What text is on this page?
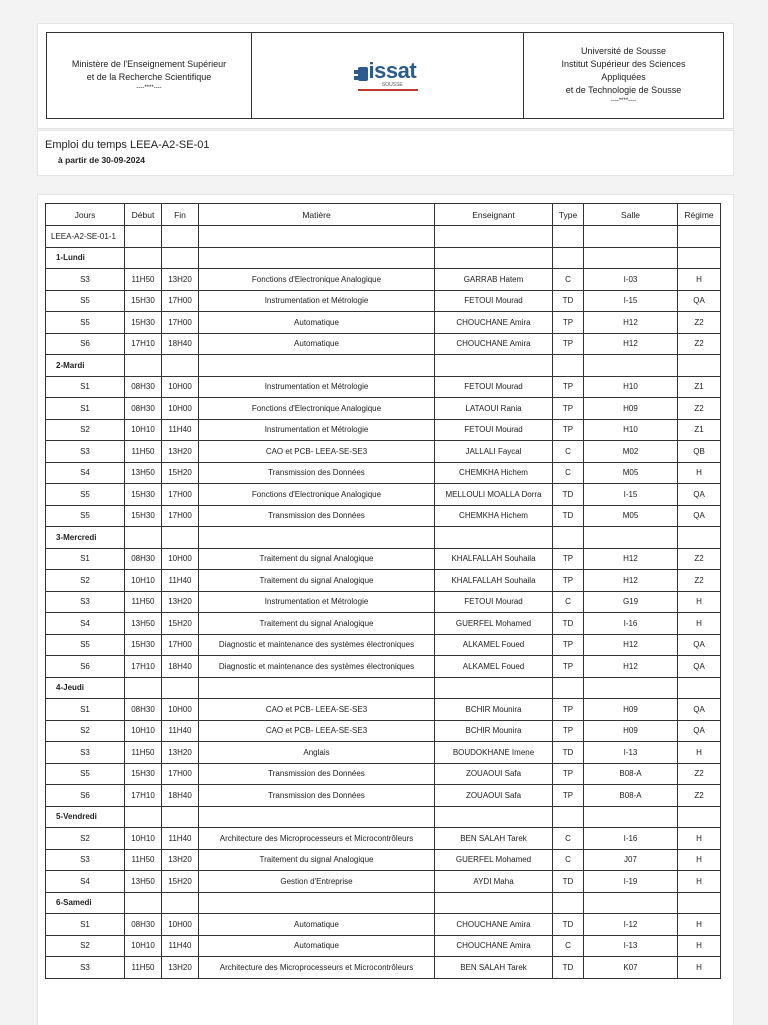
Ministère de l'Enseignement Supérieur
et de la Recherche Scientifique
----****----

issat
SOUSSE

Université de Sousse
Institut Supérieur des Sciences
Appliquées
et de Technologie de Sousse
----****----
Emploi du temps LEEA-A2-SE-01
à partir de 30-09-2024
Jours	Début	Fin	Matière	Enseignant	Type	Salle	Régime
LEEA-A2-SE-01-1							
1-Lundi							
S3	11H50	13H20	Fonctions d'Electronique Analogique	GARRAB Hatem	C	I-03	H
S5	15H30	17H00	Instrumentation et Métrologie	FETOUI Mourad	TD	I-15	QA
S5	15H30	17H00	Automatique	CHOUCHANE Amira	TP	H12	Z2
S6	17H10	18H40	Automatique	CHOUCHANE Amira	TP	H12	Z2
2-Mardi							
S1	08H30	10H00	Instrumentation et Métrologie	FETOUI Mourad	TP	H10	Z1
S1	08H30	10H00	Fonctions d'Electronique Analogique	LATAOUI Rania	TP	H09	Z2
S2	10H10	11H40	Instrumentation et Métrologie	FETOUI Mourad	TP	H10	Z1
S3	11H50	13H20	CAO et PCB- LEEA-SE-SE3	JALLALI Faycal	C	M02	QB
S4	13H50	15H20	Transmission des Données	CHEMKHA Hichem	C	M05	H
S5	15H30	17H00	Fonctions d'Electronique Analogique	MELLOULI MOALLA Dorra	TD	I-15	QA
S5	15H30	17H00	Transmission des Données	CHEMKHA Hichem	TD	M05	QA
3-Mercredi							
S1	08H30	10H00	Traitement du signal Analogique	KHALFALLAH Souhaila	TP	H12	Z2
S2	10H10	11H40	Traitement du signal Analogique	KHALFALLAH Souhaila	TP	H12	Z2
S3	11H50	13H20	Instrumentation et Métrologie	FETOUI Mourad	C	G19	H
S4	13H50	15H20	Traitement du signal Analogique	GUERFEL Mohamed	TD	I-16	H
S5	15H30	17H00	Diagnostic et maintenance des systèmes électroniques	ALKAMEL Foued	TP	H12	QA
S6	17H10	18H40	Diagnostic et maintenance des systèmes électroniques	ALKAMEL Foued	TP	H12	QA
4-Jeudi							
S1	08H30	10H00	CAO et PCB- LEEA-SE-SE3	BCHIR Mounira	TP	H09	QA
S2	10H10	11H40	CAO et PCB- LEEA-SE-SE3	BCHIR Mounira	TP	H09	QA
S3	11H50	13H20	Anglais	BOUDOKHANE Imene	TD	I-13	H
S5	15H30	17H00	Transmission des Données	ZOUAOUI Safa	TP	B08-A	Z2
S6	17H10	18H40	Transmission des Données	ZOUAOUI Safa	TP	B08-A	Z2
5-Vendredi							
S2	10H10	11H40	Architecture des Microprocesseurs et Microcontrôleurs	BEN SALAH Tarek	C	I-16	H
S3	11H50	13H20	Traitement du signal Analogique	GUERFEL Mohamed	C	J07	H
S4	13H50	15H20	Gestion d'Entreprise	AYDI Maha	TD	I-19	H
6-Samedi							
S1	08H30	10H00	Automatique	CHOUCHANE Amira	TD	I-12	H
S2	10H10	11H40	Automatique	CHOUCHANE Amira	C	I-13	H
S3	11H50	13H20	Architecture des Microprocesseurs et Microcontrôleurs	BEN SALAH Tarek	TD	K07	H
